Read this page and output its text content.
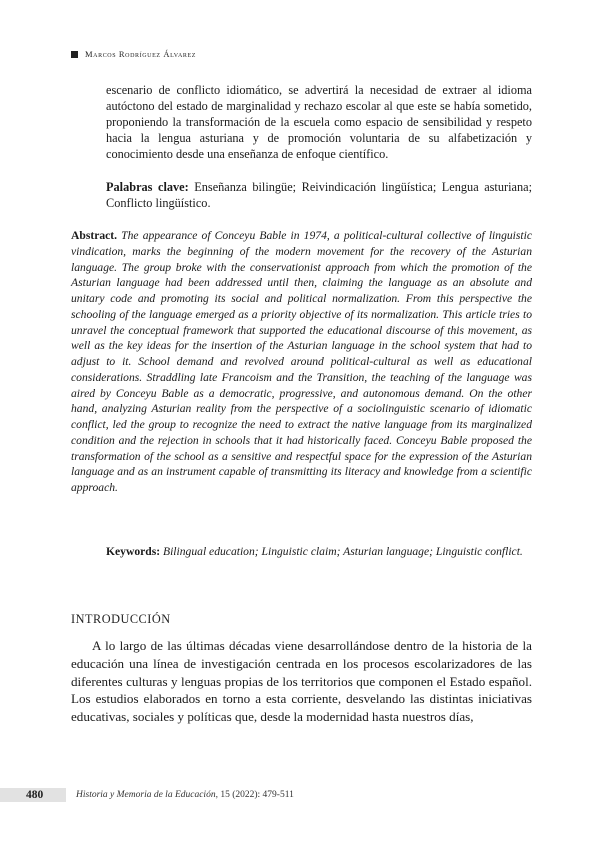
Marcos Rodríguez Álvarez
escenario de conflicto idiomático, se advertirá la necesidad de extraer al idioma autóctono del estado de marginalidad y rechazo escolar al que este se había sometido, proponiendo la transformación de la escuela como espacio de sensibilidad y respeto hacia la lengua asturiana y de promoción voluntaria de su alfabetización y conocimiento desde una enseñanza de enfoque científico.
Palabras clave: Enseñanza bilingüe; Reivindicación lingüística; Lengua asturiana; Conflicto lingüístico.
Abstract. The appearance of Conceyu Bable in 1974, a political-cultural collective of linguistic vindication, marks the beginning of the modern movement for the recovery of the Asturian language. The group broke with the conservationist approach from which the promotion of the Asturian language had been addressed until then, claiming the language as an absolute and unitary code and promoting its social and political normalization. From this perspective the schooling of the language emerged as a priority objective of its normalization. This article tries to unravel the conceptual framework that supported the educational discourse of this movement, as well as the key ideas for the insertion of the Asturian language in the school system that had to adjust to it. School demand and revolved around political-cultural as well as educational considerations. Straddling late Francoism and the Transition, the teaching of the language was aired by Conceyu Bable as a democratic, progressive, and autonomous demand. On the other hand, analyzing Asturian reality from the perspective of a sociolinguistic scenario of idiomatic conflict, led the group to recognize the need to extract the native language from its marginalized condition and the rejection in schools that it had historically faced. Conceyu Bable proposed the transformation of the school as a sensitive and respectful space for the expression of the Asturian language and as an instrument capable of transmitting its literacy and knowledge from a scientific approach.
Keywords: Bilingual education; Linguistic claim; Asturian language; Linguistic conflict.
INTRODUCCIÓN
A lo largo de las últimas décadas viene desarrollándose dentro de la historia de la educación una línea de investigación centrada en los procesos escolarizadores de las diferentes culturas y lenguas propias de los territorios que componen el Estado español. Los estudios elaborados en torno a esta corriente, desvelando las distintas iniciativas educativas, sociales y políticas que, desde la modernidad hasta nuestros días,
480	Historia y Memoria de la Educación, 15 (2022): 479-511
